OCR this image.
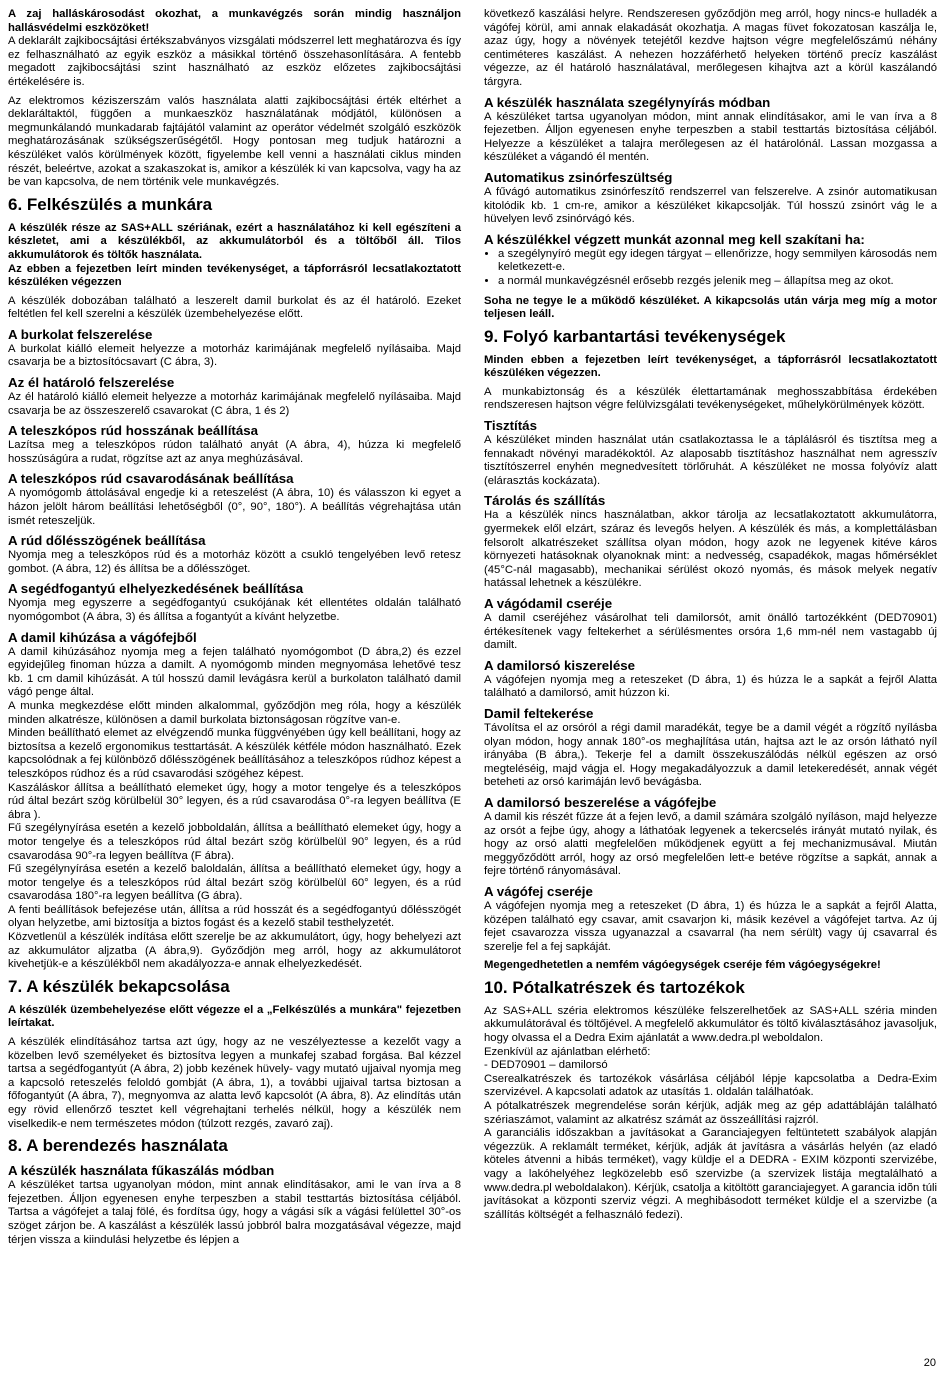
A zaj halláskárosodást okozhat, a munkavégzés során mindig használjon hallásvédelmi eszközöket!

A deklarált zajkibocsájtási értékszabványos vizsgálati módszerrel lett meghatározva és így ez felhasználható az egyik eszköz a másikkal történő összehasonlítására. A fentebb megadott zajkibocsájtási szint használható az eszköz előzetes zajkibocsájtási értékelésére is.

Az elektromos kéziszerszám valós használata alatti zajkibocsájtási érték eltérhet a deklaráltaktól, függően a munkaeszköz használatának módjától, különösen a megmunkálandó munkadarab fajtájától valamint az operátor védelmét szolgáló eszközök meghatározásának szükségszerűségétől. Hogy pontosan meg tudjuk határozni a készüléket valós körülmények között, figyelembe kell venni a használati ciklus minden részét, beleértve, azokat a szakaszokat is, amikor a készülék ki van kapcsolva, vagy ha az be van kapcsolva, de nem történik vele munkavégzés.

6. Felkészülés a munkára

A készülék része az SAS+ALL szériának, ezért a használatához ki kell egészíteni a készletet, ami a készülékből, az akkumulátorból és a töltőből áll. Tilos akkumulátorok és töltők használata.

Az ebben a fejezetben leírt minden tevékenységet, a tápforrásról lecsatlakoztatott készüléken végezzen

A készülék dobozában található a leszerelt damil burkolat és az él határoló. Ezeket feltétlen fel kell szerelni a készülék üzembehelyezése előtt.

A burkolat felszerelése

A burkolat kiálló elemeit helyezze a motorház karimájának megfelelő nyílásaiba. Majd csavarja be a biztosítócsavart (C ábra, 3).

Az él határoló felszerelése

Az él határoló kiálló elemeit helyezze a motorház karimájának megfelelő nyílásaiba. Majd csavarja be az összeszerelő csavarokat (C ábra, 1 és 2)

A teleszkópos rúd hosszának beállítása

Lazítsa meg a teleszkópos rúdon található anyát (A ábra, 4), húzza ki megfelelő hosszúságúra a rudat, rögzítse azt az anya meghúzásával.

A teleszkópos rúd csavarodásának beállítása

A nyomógomb áttolásával engedje ki a reteszelést (A ábra, 10) és válasszon ki egyet a házon jelölt három beállítási lehetőségből (0°, 90°, 180°). A beállítás végrehajtása után ismét reteszeljük.

A rúd dőlésszögének beállítása

Nyomja meg a teleszkópos rúd és a motorház között a csukló tengelyében levő retesz gombot. (A ábra, 12) és állítsa be a dőlésszöget.

A segédfogantyú elhelyezkedésének beállítása

Nyomja meg egyszerre a segédfogantyú csukójának két ellentétes oldalán található nyomógombot (A ábra, 3) és állítsa a fogantyút a kívánt helyzetbe.

A damil kihúzása a vágófejből

A damil kihúzásához nyomja meg a fejen található nyomógombot (D ábra,2) és ezzel egyidejűleg finoman húzza a damilt. A nyomógomb minden megnyomása lehetővé tesz kb. 1 cm damil kihúzását. A túl hosszú damil levágásra kerül a burkolaton található damil vágó penge által.

A munka megkezdése előtt minden alkalommal, győződjön meg róla, hogy a készülék minden alkatrésze, különösen a damil burkolata biztonságosan rögzítve van-e.

Minden beállítható elemet az elvégzendő munka függvényében úgy kell beállítani, hogy az biztosítsa a kezelő ergonomikus testtartását. A készülék kétféle módon használható. Ezek kapcsolódnak a fej különböző dőlésszögének beállításához a teleszkópos rúdhoz képest a teleszkópos rúdhoz és a rúd csavarodási szögéhez képest.

Kaszáláskor állítsa a beállítható elemeket úgy, hogy a motor tengelye és a teleszkópos rúd által bezárt szög körülbelül 30° legyen, és a rúd csavarodása 0°-ra legyen beállítva (E ábra ).

Fű szegélynyírása esetén a kezelő jobboldalán, állítsa a beállítható elemeket úgy, hogy a motor tengelye és a teleszkópos rúd által bezárt szög körülbelül 90° legyen, és a rúd csavarodása 90°-ra legyen beállítva (F ábra).

Fű szegélynyírása esetén a kezelő baloldalán, állítsa a beállítható elemeket úgy, hogy a motor tengelye és a teleszkópos rúd által bezárt szög körülbelül 60° legyen, és a rúd csavarodása 180°-ra legyen beállítva (G ábra).

A fenti beállítások befejezése után, állítsa a rúd hosszát és a segédfogantyú dőlésszögét olyan helyzetbe, ami biztosítja a biztos fogást és a kezelő stabil testhelyzetét.

Közvetlenül a készülék indítása előtt szerelje be az akkumulátort, úgy, hogy behelyezi azt az akkumulátor aljzatba (A ábra,9). Győződjön meg arról, hogy az akkumulátorot kivehetjük-e a készülékből nem akadályozza-e annak elhelyezkedését.

7. A készülék bekapcsolása

A készülék üzembehelyezése előtt végezze el a „Felkészülés a munkára" fejezetben leírtakat.

A készülék elindításához tartsa azt úgy, hogy az ne veszélyeztesse a kezelőt vagy a közelben levő személyeket és biztosítva legyen a munkafej szabad forgása. Bal kézzel tartsa a segédfogantyút (A ábra, 2) jobb kezének hüvely- vagy mutató ujjaival nyomja meg a kapcsoló reteszelés feloldó gombját (A ábra, 1), a további ujjaival tartsa biztosan a főfogantyút (A ábra, 7), megnyomva az alatta levő kapcsolót (A ábra, 8). Az elindítás után egy rövid ellenőrző tesztet kell végrehajtani terhelés nélkül, hogy a készülék nem viselkedik-e nem természetes módon (túlzott rezgés, zavaró zaj).

8. A berendezés használata
A készülék használata fűkaszálás módban

A készüléket tartsa ugyanolyan módon, mint annak elindításakor, ami le van írva a 8 fejezetben. Álljon egyenesen enyhe terpeszben a stabil testtartás biztosítása céljából. Tartsa a vágófejet a talaj fölé, és fordítsa úgy, hogy a vágási sík a vágási felülettel 30°-os szöget zárjon be. A kaszálást a készülék lassú jobbról balra mozgatásával végezze, majd térjen vissza a kiindulási helyzetbe és lépjen a

következő kaszálási helyre. Rendszeresen győződjön meg arról, hogy nincs-e hulladék a vágófej körül, ami annak elakadását okozhatja. A magas füvet fokozatosan kaszálja le, azaz úgy, hogy a növények tetejétől kezdve hajtson végre megfelelőszámú néhány centiméteres kaszálást. A nehezen hozzáférhető helyeken történő precíz kaszálást végezze, az él határoló használatával, merőlegesen kihajtva azt a körül kaszálandó tárgyra.

A készülék használata szegélynyírás módban

A készüléket tartsa ugyanolyan módon, mint annak elindításakor, ami le van írva a 8 fejezetben. Álljon egyenesen enyhe terpeszben a stabil testtartás biztosítása céljából. Helyezze a készüléket a talajra merőlegesen az él határolónál. Lassan mozgassa a készüléket a vágandó él mentén.

Automatikus zsinórfeszültség

A fűvágó automatikus zsinórfeszítő rendszerrel van felszerelve. A zsinór automatikusan kitolódik kb. 1 cm-re, amikor a készüléket kikapcsolják. Túl hosszú zsinórt vág le a hüvelyen levő zsinórvágó kés.

A készülékkel végzett munkát azonnal meg kell szakítani ha:
• a szegélynyíró megüt egy idegen tárgyat – ellenőrizze, hogy semmilyen károsodás nem keletkezett-e.
• a normál munkavégzésnél erősebb rezgés jelenik meg – állapítsa meg az okot.

Soha ne tegye le a működő készüléket. A kikapcsolás után várja meg míg a motor teljesen leáll.

9. Folyó karbantartási tevékenységek

Minden ebben a fejezetben leírt tevékenységet, a tápforrásról lecsatlakoztatott készüléken végezzen.

A munkabiztonság és a készülék élettartamának meghosszabbítása érdekében rendszeresen hajtson végre felülvizsgálati tevékenységeket, műhelykörülmények között.

Tisztítás

A készüléket minden használat után csatlakoztassa le a táplálásról és tisztítsa meg a fennakadt növényi maradékoktól. Az alaposabb tisztításhoz használhat nem agresszív tisztítószerrel enyhén megnedvesített törlőruhát. A készüléket ne mossa folyóvíz alatt (elárasztás kockázata).

Tárolás és szállítás

Ha a készülék nincs használatban, akkor tárolja az lecsatlakoztatott akkumulátorra, gyermekek elől elzárt, száraz és levegős helyen. A készülék és más, a komplettálásban felsorolt alkatrészeket szállítsa olyan módon, hogy azok ne legyenek kitéve káros környezeti hatásoknak olyanoknak mint: a nedvesség, csapadékok, magas hőmérséklet (45°C-nál magasabb), mechanikai sérülést okozó nyomás, és mások melyek negatív hatással lehetnek a készülékre.

A vágódamil cseréje

A damil cseréjéhez vásárolhat teli damilorsót, amit önálló tartozékként (DED70901) értékesítenek vagy feltekerhet a sérülésmentes orsóra 1,6 mm-nél nem vastagabb új damilt.

A damilorsó kiszerelése

A vágófejen nyomja meg a reteszeket (D ábra, 1) és húzza le a sapkát a fejről Alatta található a damilorsó, amit húzzon ki.

Damil feltekerése

Távolítsa el az orsóról a régi damil maradékát, tegye be a damil végét a rögzítő nyílásba olyan módon, hogy annak 180°-os meghajlítása után, hajtsa azt le az orsón látható nyíl irányába (B ábra,). Tekerje fel a damilt összekuszálódás nélkül egészen az orsó megteléséig, majd vágja el. Hogy megakadályozzuk a damil letekeredését, annak végét beteheti az orsó karimáján levő bevágásba.

A damilorsó beszerelése a vágófejbe

A damil kis részét fűzze át a fejen levő, a damil számára szolgáló nyíláson, majd helyezze az orsót a fejbe úgy, ahogy a láthatóak legyenek a tekercselés irányát mutató nyilak, és hogy az orsó alatti megfelelően működjenek együtt a fej mechanizmusával. Miután meggyőződött arról, hogy az orsó megfelelően lett-e betéve rögzítse a sapkát, annak a fejre történő rányomásával.

A vágófej cseréje

A vágófejen nyomja meg a reteszeket (D ábra, 1) és húzza le a sapkát a fejről Alatta, középen található egy csavar, amit csavarjon ki, másik kezével a vágófejet tartva. Az új fejet csavarozza vissza ugyanazzal a csavarral (ha nem sérült) vagy új csavarral és szerelje fel a fej sapkáját.

Megengedhetetlen a nemfém vágóegységek cseréje fém vágóegységekre!

10. Pótalkatrészek és tartozékok

Az SAS+ALL széria elektromos készüléke felszerelhetőek az SAS+ALL széria minden akkumulátorával és töltőjével. A megfelelő akkumulátor és töltő kiválasztásához javasoljuk, hogy olvassa el a Dedra Exim ajánlatát a www.dedra.pl weboldalon.

Ezenkívül az ajánlatban elérhető:

- DED70901 – damilorsó

Cserealkatrészek és tartozékok vásárlása céljából lépje kapcsolatba a Dedra-Exim szervizével. A kapcsolati adatok az utasítás 1. oldalán találhatóak.

A pótalkatrészek megrendelése során kérjük, adják meg az gép adattábláján található szériaszámot, valamint az alkatrész számát az összeállítási rajzról.

A garanciális időszakban a javításokat a Garanciajegyen feltüntetett szabályok alapján végezzük. A reklamált terméket, kérjük, adják át javításra a vásárlás helyén (az eladó köteles átvenni a hibás terméket), vagy küldje el a DEDRA - EXIM központi szervizébe, vagy a lakóhelyéhez legközelebb eső szervizbe (a szervizek listája megtalálható a www.dedra.pl weboldalakon). Kérjük, csatolja a kitöltött garanciajegyet. A garancia idõn túli javításokat a központi szerviz végzi. A meghibásodott terméket küldje el a szervizbe (a szállítás költségét a felhasználó fedezi).

20
